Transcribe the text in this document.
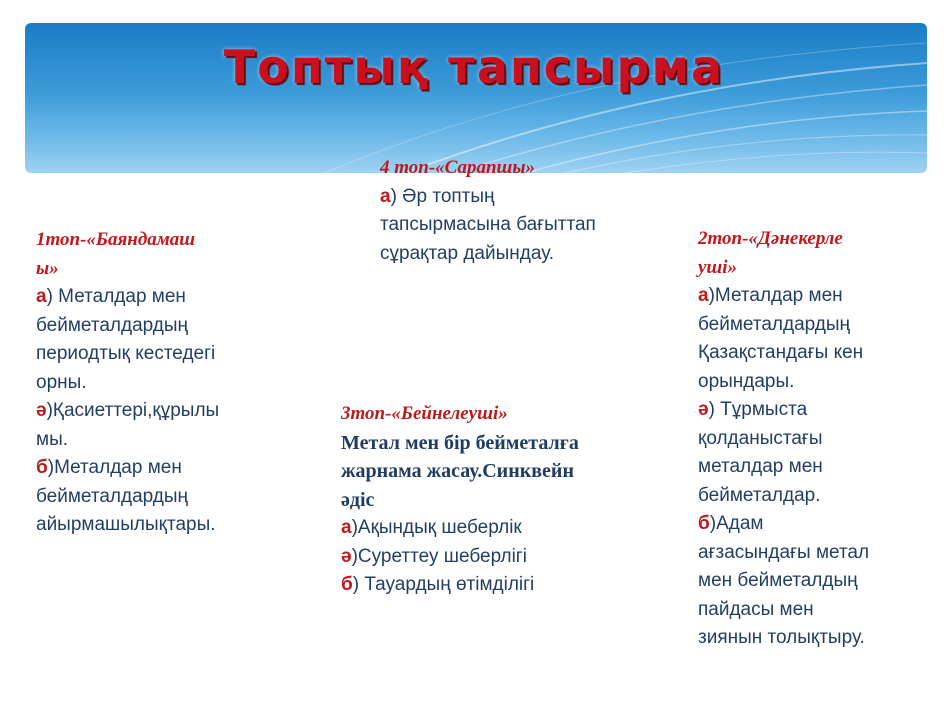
Топтық тапсырма
4 топ-«Сарапшы»
а) Әр топтың
тапсырмасына бағыттап
сұрақтар дайындау.
1топ-«Баяндамаш
ы»
а) Металдар мен
бейметалдардың
периодтық кестедегі
орны.
ә)Қасиеттері,құрылы
мы.
б)Металдар мен
бейметалдардың
айырмашылықтары.
2топ-«Дәнекерле
уші»
а)Металдар мен
бейметалдардың
Қазақстандағы кен
орындары.
ә) Тұрмыста
қолданыстағы
металдар мен
бейметалдар.
б)Адам
ағзасындағы метал
мен бейметалдың
пайдасы мен
зиянын толықтыру.
3топ-«Бейнелеуші»
Метал мен бір бейметалға
жарнама жасау.Синквейн
әдіс
а)Ақындық шеберлік
ә)Суреттеу шеберлігі
б) Тауардың өтімділігі
